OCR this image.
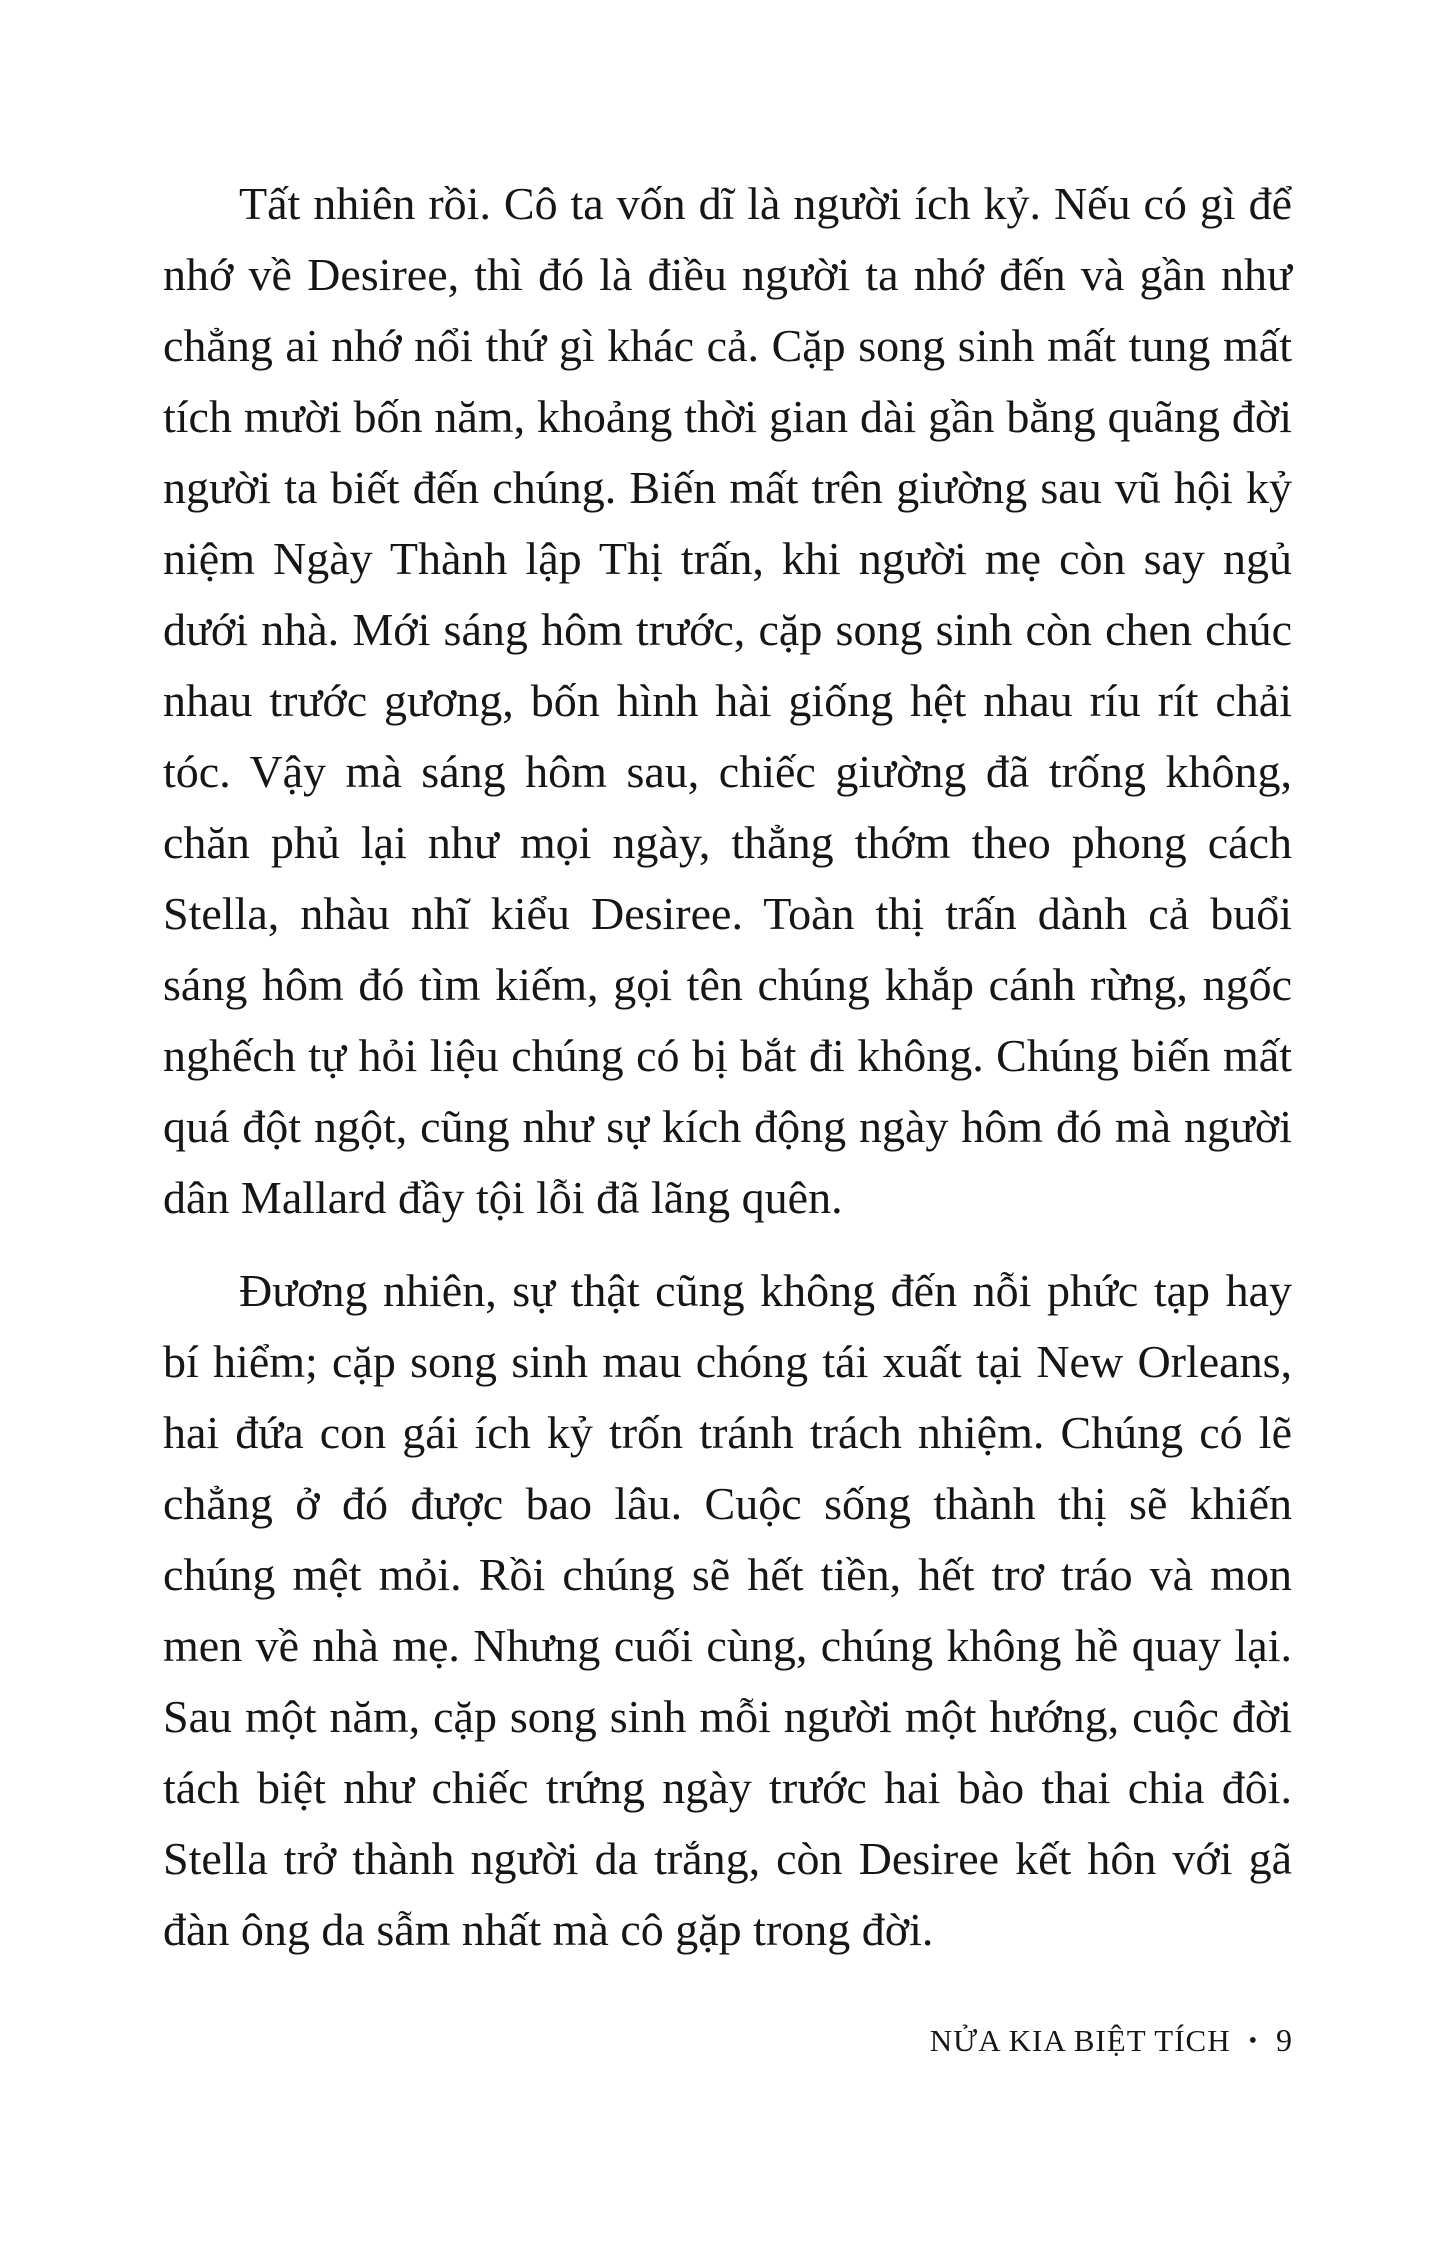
Tất nhiên rồi. Cô ta vốn dĩ là người ích kỷ. Nếu có gì để nhớ về Desiree, thì đó là điều người ta nhớ đến và gần như chẳng ai nhớ nổi thứ gì khác cả. Cặp song sinh mất tung mất tích mười bốn năm, khoảng thời gian dài gần bằng quãng đời người ta biết đến chúng. Biến mất trên giường sau vũ hội kỷ niệm Ngày Thành lập Thị trấn, khi người mẹ còn say ngủ dưới nhà. Mới sáng hôm trước, cặp song sinh còn chen chúc nhau trước gương, bốn hình hài giống hệt nhau ríu rít chải tóc. Vậy mà sáng hôm sau, chiếc giường đã trống không, chăn phủ lại như mọi ngày, thẳng thớm theo phong cách Stella, nhàu nhĩ kiểu Desiree. Toàn thị trấn dành cả buổi sáng hôm đó tìm kiếm, gọi tên chúng khắp cánh rừng, ngốc nghếch tự hỏi liệu chúng có bị bắt đi không. Chúng biến mất quá đột ngột, cũng như sự kích động ngày hôm đó mà người dân Mallard đầy tội lỗi đã lãng quên.

Đương nhiên, sự thật cũng không đến nỗi phức tạp hay bí hiểm; cặp song sinh mau chóng tái xuất tại New Orleans, hai đứa con gái ích kỷ trốn tránh trách nhiệm. Chúng có lẽ chẳng ở đó được bao lâu. Cuộc sống thành thị sẽ khiến chúng mệt mỏi. Rồi chúng sẽ hết tiền, hết trơ tráo và mon men về nhà mẹ. Nhưng cuối cùng, chúng không hề quay lại. Sau một năm, cặp song sinh mỗi người một hướng, cuộc đời tách biệt như chiếc trứng ngày trước hai bào thai chia đôi. Stella trở thành người da trắng, còn Desiree kết hôn với gã đàn ông da sẫm nhất mà cô gặp trong đời.

NỬA KIA BIỆT TÍCH • 9
